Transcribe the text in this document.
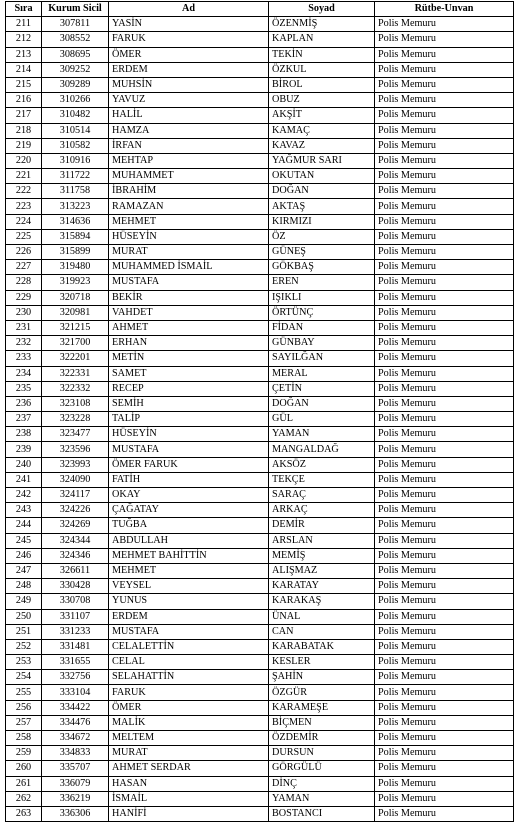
Sıra	Kurum Sicil	Ad	Soyad	Rütbe-Unvan
211	307811	YASİN	ÖZENMİŞ	Polis Memuru
212	308552	FARUK	KAPLAN	Polis Memuru
213	308695	ÖMER	TEKİN	Polis Memuru
214	309252	ERDEM	ÖZKUL	Polis Memuru
215	309289	MUHSİN	BİROL	Polis Memuru
216	310266	YAVUZ	OBUZ	Polis Memuru
217	310482	HALİL	AKŞİT	Polis Memuru
218	310514	HAMZA	KAMAÇ	Polis Memuru
219	310582	İRFAN	KAVAZ	Polis Memuru
220	310916	MEHTAP	YAĞMUR SARI	Polis Memuru
221	311722	MUHAMMET	OKUTAN	Polis Memuru
222	311758	İBRAHİM	DOĞAN	Polis Memuru
223	313223	RAMAZAN	AKTAŞ	Polis Memuru
224	314636	MEHMET	KIRMIZI	Polis Memuru
225	315894	HÜSEYİN	ÖZ	Polis Memuru
226	315899	MURAT	GÜNEŞ	Polis Memuru
227	319480	MUHAMMED İSMAİL	GÖKBAŞ	Polis Memuru
228	319923	MUSTAFA	EREN	Polis Memuru
229	320718	BEKİR	IŞIKLI	Polis Memuru
230	320981	VAHDET	ÖRTÜNÇ	Polis Memuru
231	321215	AHMET	FİDAN	Polis Memuru
232	321700	ERHAN	GÜNBAY	Polis Memuru
233	322201	METİN	SAYILĞAN	Polis Memuru
234	322331	SAMET	MERAL	Polis Memuru
235	322332	RECEP	ÇETİN	Polis Memuru
236	323108	SEMİH	DOĞAN	Polis Memuru
237	323228	TALİP	GÜL	Polis Memuru
238	323477	HÜSEYİN	YAMAN	Polis Memuru
239	323596	MUSTAFA	MANGALDAĞ	Polis Memuru
240	323993	ÖMER FARUK	AKSÖZ	Polis Memuru
241	324090	FATİH	TEKÇE	Polis Memuru
242	324117	OKAY	SARAÇ	Polis Memuru
243	324226	ÇAĞATAY	ARKAÇ	Polis Memuru
244	324269	TUĞBA	DEMİR	Polis Memuru
245	324344	ABDULLAH	ARSLAN	Polis Memuru
246	324346	MEHMET BAHİTTİN	MEMİŞ	Polis Memuru
247	326611	MEHMET	ALIŞMAZ	Polis Memuru
248	330428	VEYSEL	KARATAY	Polis Memuru
249	330708	YUNUS	KARAKAŞ	Polis Memuru
250	331107	ERDEM	ÜNAL	Polis Memuru
251	331233	MUSTAFA	CAN	Polis Memuru
252	331481	CELALETTİN	KARABATAK	Polis Memuru
253	331655	CELAL	KESLER	Polis Memuru
254	332756	SELAHATTİN	ŞAHİN	Polis Memuru
255	333104	FARUK	ÖZGÜR	Polis Memuru
256	334422	ÖMER	KARAMEŞE	Polis Memuru
257	334476	MALİK	BİÇMEN	Polis Memuru
258	334672	MELTEM	ÖZDEMİR	Polis Memuru
259	334833	MURAT	DURSUN	Polis Memuru
260	335707	AHMET SERDAR	GÖRGÜLÜ	Polis Memuru
261	336079	HASAN	DİNÇ	Polis Memuru
262	336219	İSMAİL	YAMAN	Polis Memuru
263	336306	HANİFİ	BOSTANCI	Polis Memuru
